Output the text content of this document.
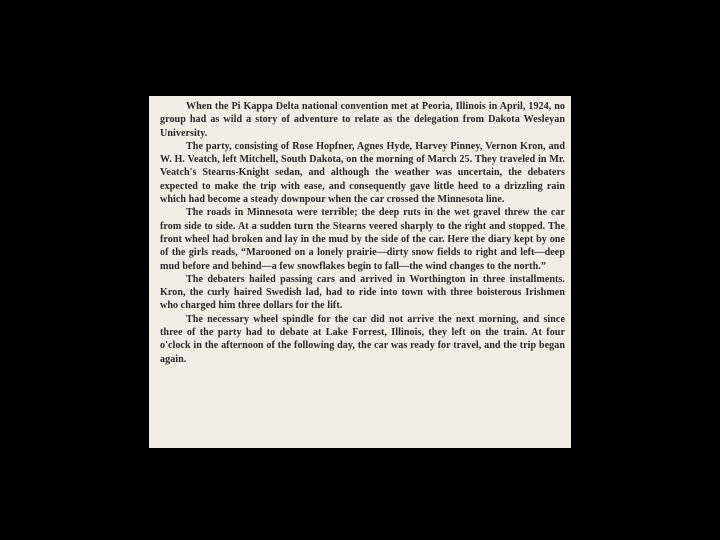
When the Pi Kappa Delta national convention met at Peoria, Illinois in April, 1924, no group had as wild a story of adventure to relate as the delegation from Dakota Wesleyan University.

The party, consisting of Rose Hopfner, Agnes Hyde, Harvey Pinney, Vernon Kron, and W. H. Veatch, left Mitchell, South Dakota, on the morning of March 25. They traveled in Mr. Veatch's Stearns-Knight sedan, and although the weather was uncertain, the debaters expected to make the trip with ease, and consequently gave little heed to a drizzling rain which had become a steady downpour when the car crossed the Minnesota line.

The roads in Minnesota were terrible; the deep ruts in the wet gravel threw the car from side to side. At a sudden turn the Stearns veered sharply to the right and stopped. The front wheel had broken and lay in the mud by the side of the car. Here the diary kept by one of the girls reads, “Marooned on a lonely prairie—dirty snow fields to right and left—deep mud before and behind—a few snowflakes begin to fall—the wind changes to the north.”

The debaters hailed passing cars and arrived in Worthington in three installments. Kron, the curly haired Swedish lad, had to ride into town with three boisterous Irishmen who charged him three dollars for the lift.

The necessary wheel spindle for the car did not arrive the next morning, and since three of the party had to debate at Lake Forrest, Illinois, they left on the train. At four o'clock in the afternoon of the following day, the car was ready for travel, and the trip began again.
